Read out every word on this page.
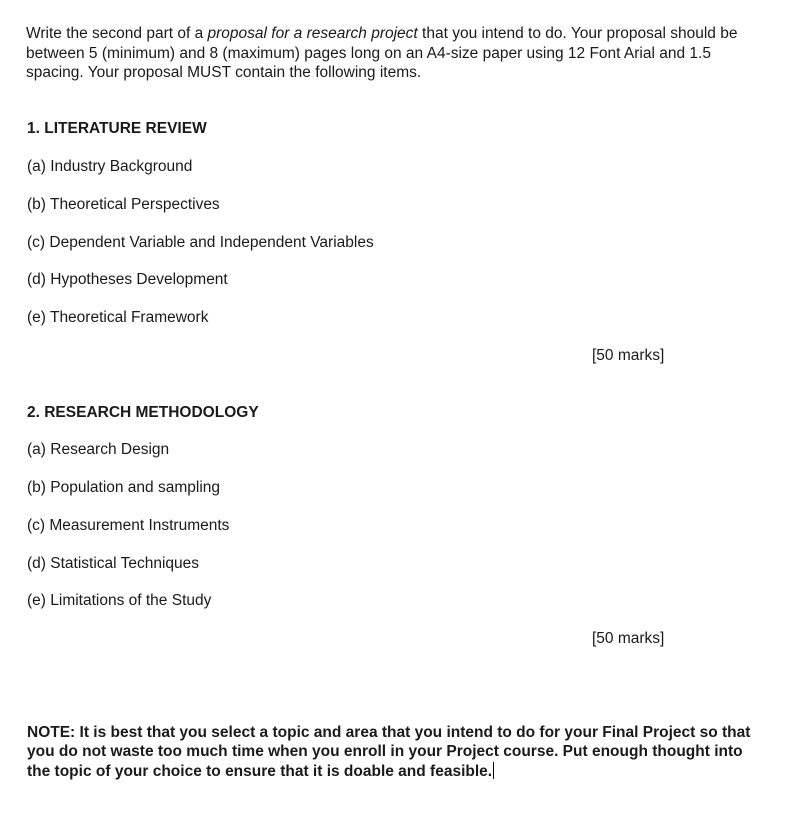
Write the second part of a proposal for a research project that you intend to do. Your proposal should be between 5 (minimum) and 8 (maximum) pages long on an A4-size paper using 12 Font Arial and 1.5 spacing. Your proposal MUST contain the following items.

1. LITERATURE REVIEW
(a) Industry Background
(b) Theoretical Perspectives
(c) Dependent Variable and Independent Variables
(d) Hypotheses Development
(e) Theoretical Framework
[50 marks]
2. RESEARCH METHODOLOGY
(a) Research Design
(b) Population and sampling
(c) Measurement Instruments
(d) Statistical Techniques
(e) Limitations of the Study
[50 marks]

NOTE: It is best that you select a topic and area that you intend to do for your Final Project so that you do not waste too much time when you enroll in your Project course. Put enough thought into the topic of your choice to ensure that it is doable and feasible.
